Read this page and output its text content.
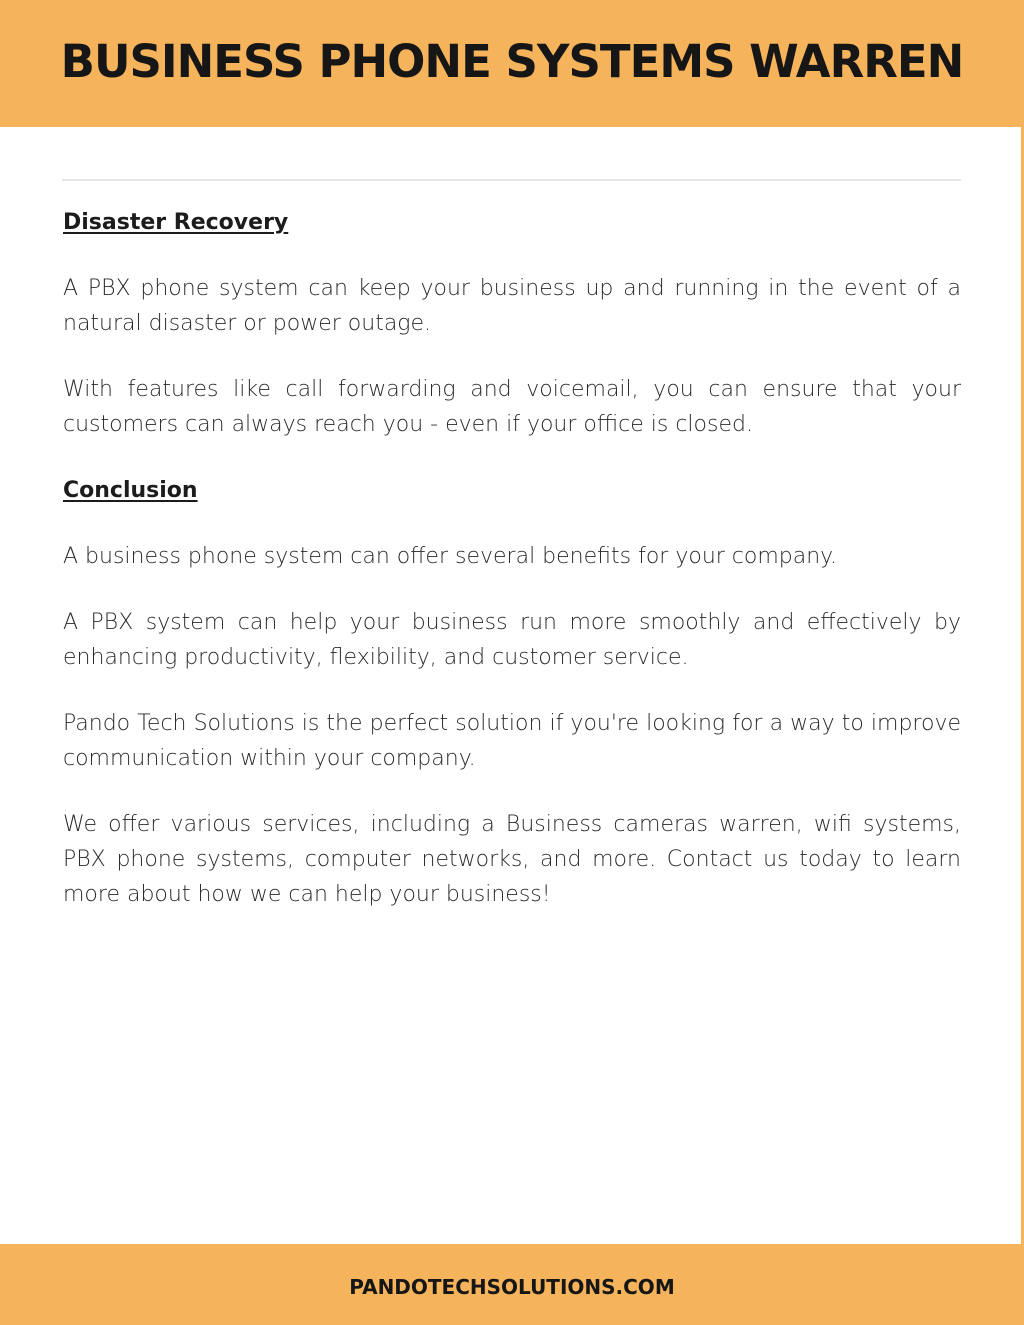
BUSINESS PHONE SYSTEMS WARREN
Disaster Recovery

A PBX phone system can keep your business up and running in the event of a natural disaster or power outage.

With features like call forwarding and voicemail, you can ensure that your customers can always reach you - even if your office is closed.

Conclusion

A business phone system can offer several benefits for your company.

A PBX system can help your business run more smoothly and effectively by enhancing productivity, flexibility, and customer service.

Pando Tech Solutions is the perfect solution if you're looking for a way to improve communication within your company.

We offer various services, including a Business cameras warren, wifi systems, PBX phone systems, computer networks, and more. Contact us today to learn more about how we can help your business!

PANDOTECHSOLUTIONS.COM
